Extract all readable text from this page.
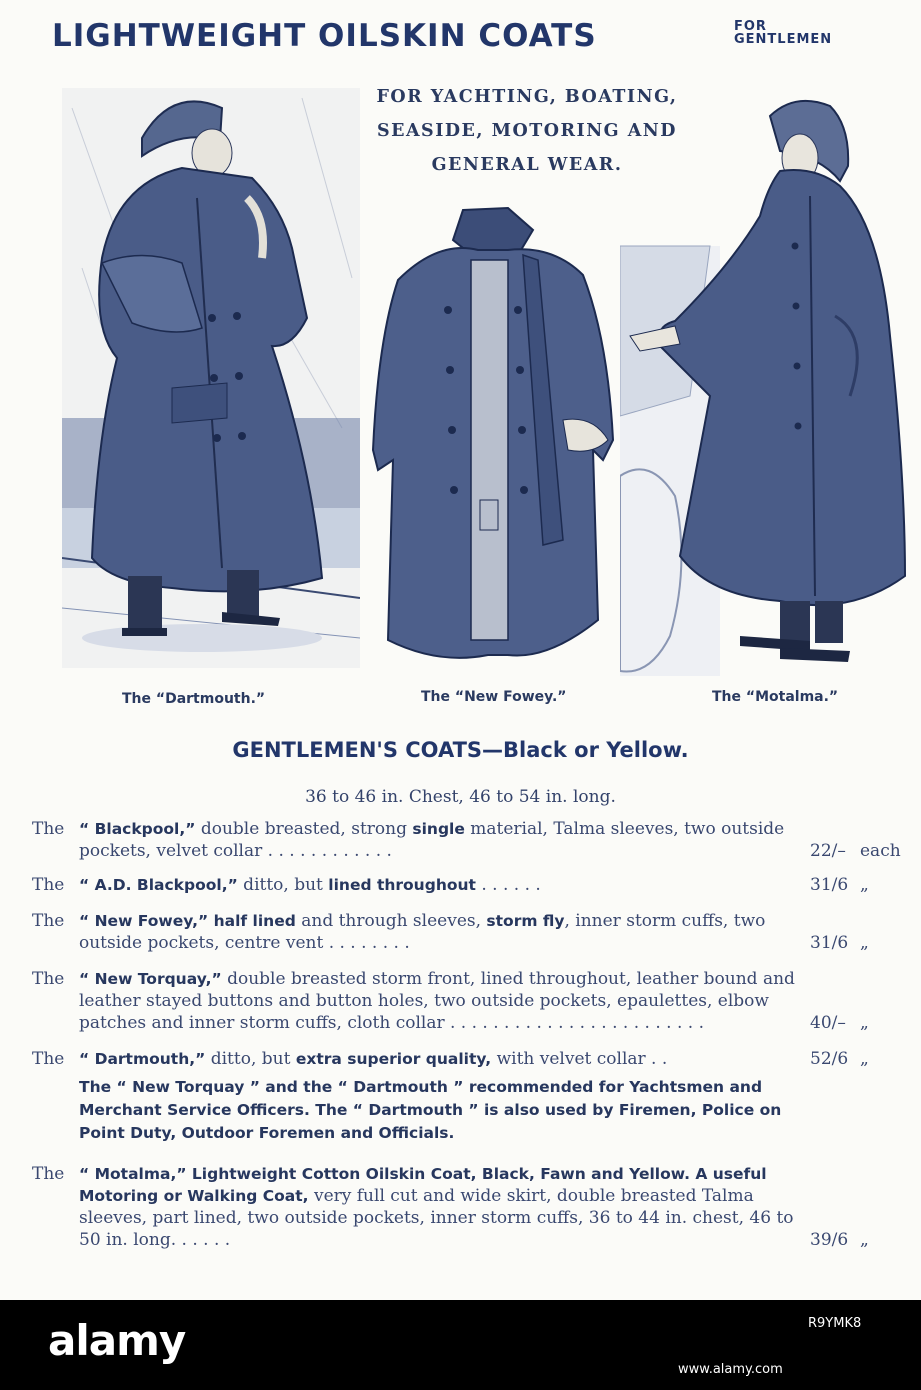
LIGHTWEIGHT OILSKIN COATS	FOR
GENTLEMEN
FOR YACHTING, BOATING,
SEASIDE, MOTORING AND
GENERAL WEAR.
The “Dartmouth.”	The “New Fowey.”	The “Motalma.”
GENTLEMEN'S COATS—Black or Yellow.
36 to 46 in. Chest, 46 to 54 in. long.
The “ Blackpool,” double breasted, strong single material, Talma sleeves, two outside pockets, velvet collar . . . . . . . . . . . .	22/– each
The “ A.D. Blackpool,” ditto, but lined throughout . . . . . .	31/6 „
The “ New Fowey,” half lined and through sleeves, storm fly, inner storm cuffs, two outside pockets, centre vent . . . . . . . .	31/6 „
The “ New Torquay,” double breasted storm front, lined throughout, leather bound and leather stayed buttons and button holes, two outside pockets, epaulettes, elbow patches and inner storm cuffs, cloth collar . . . . . . . . . . . . . . . . . . . . . . . .	40/– „
The “ Dartmouth,” ditto, but extra superior quality, with velvet collar . .	52/6 „
The “ New Torquay ” and the “ Dartmouth ” recommended for Yachtsmen and Merchant Service Officers. The “ Dartmouth ” is also used by Firemen, Police on Point Duty, Outdoor Foremen and Officials.
The “ Motalma,” Lightweight Cotton Oilskin Coat, Black, Fawn and Yellow. A useful Motoring or Walking Coat, very full cut and wide skirt, double breasted Talma sleeves, part lined, two outside pockets, inner storm cuffs, 36 to 44 in. chest, 46 to 50 in. long. . . . . .	39/6 „
alamy	R9YMK8
www.alamy.com
